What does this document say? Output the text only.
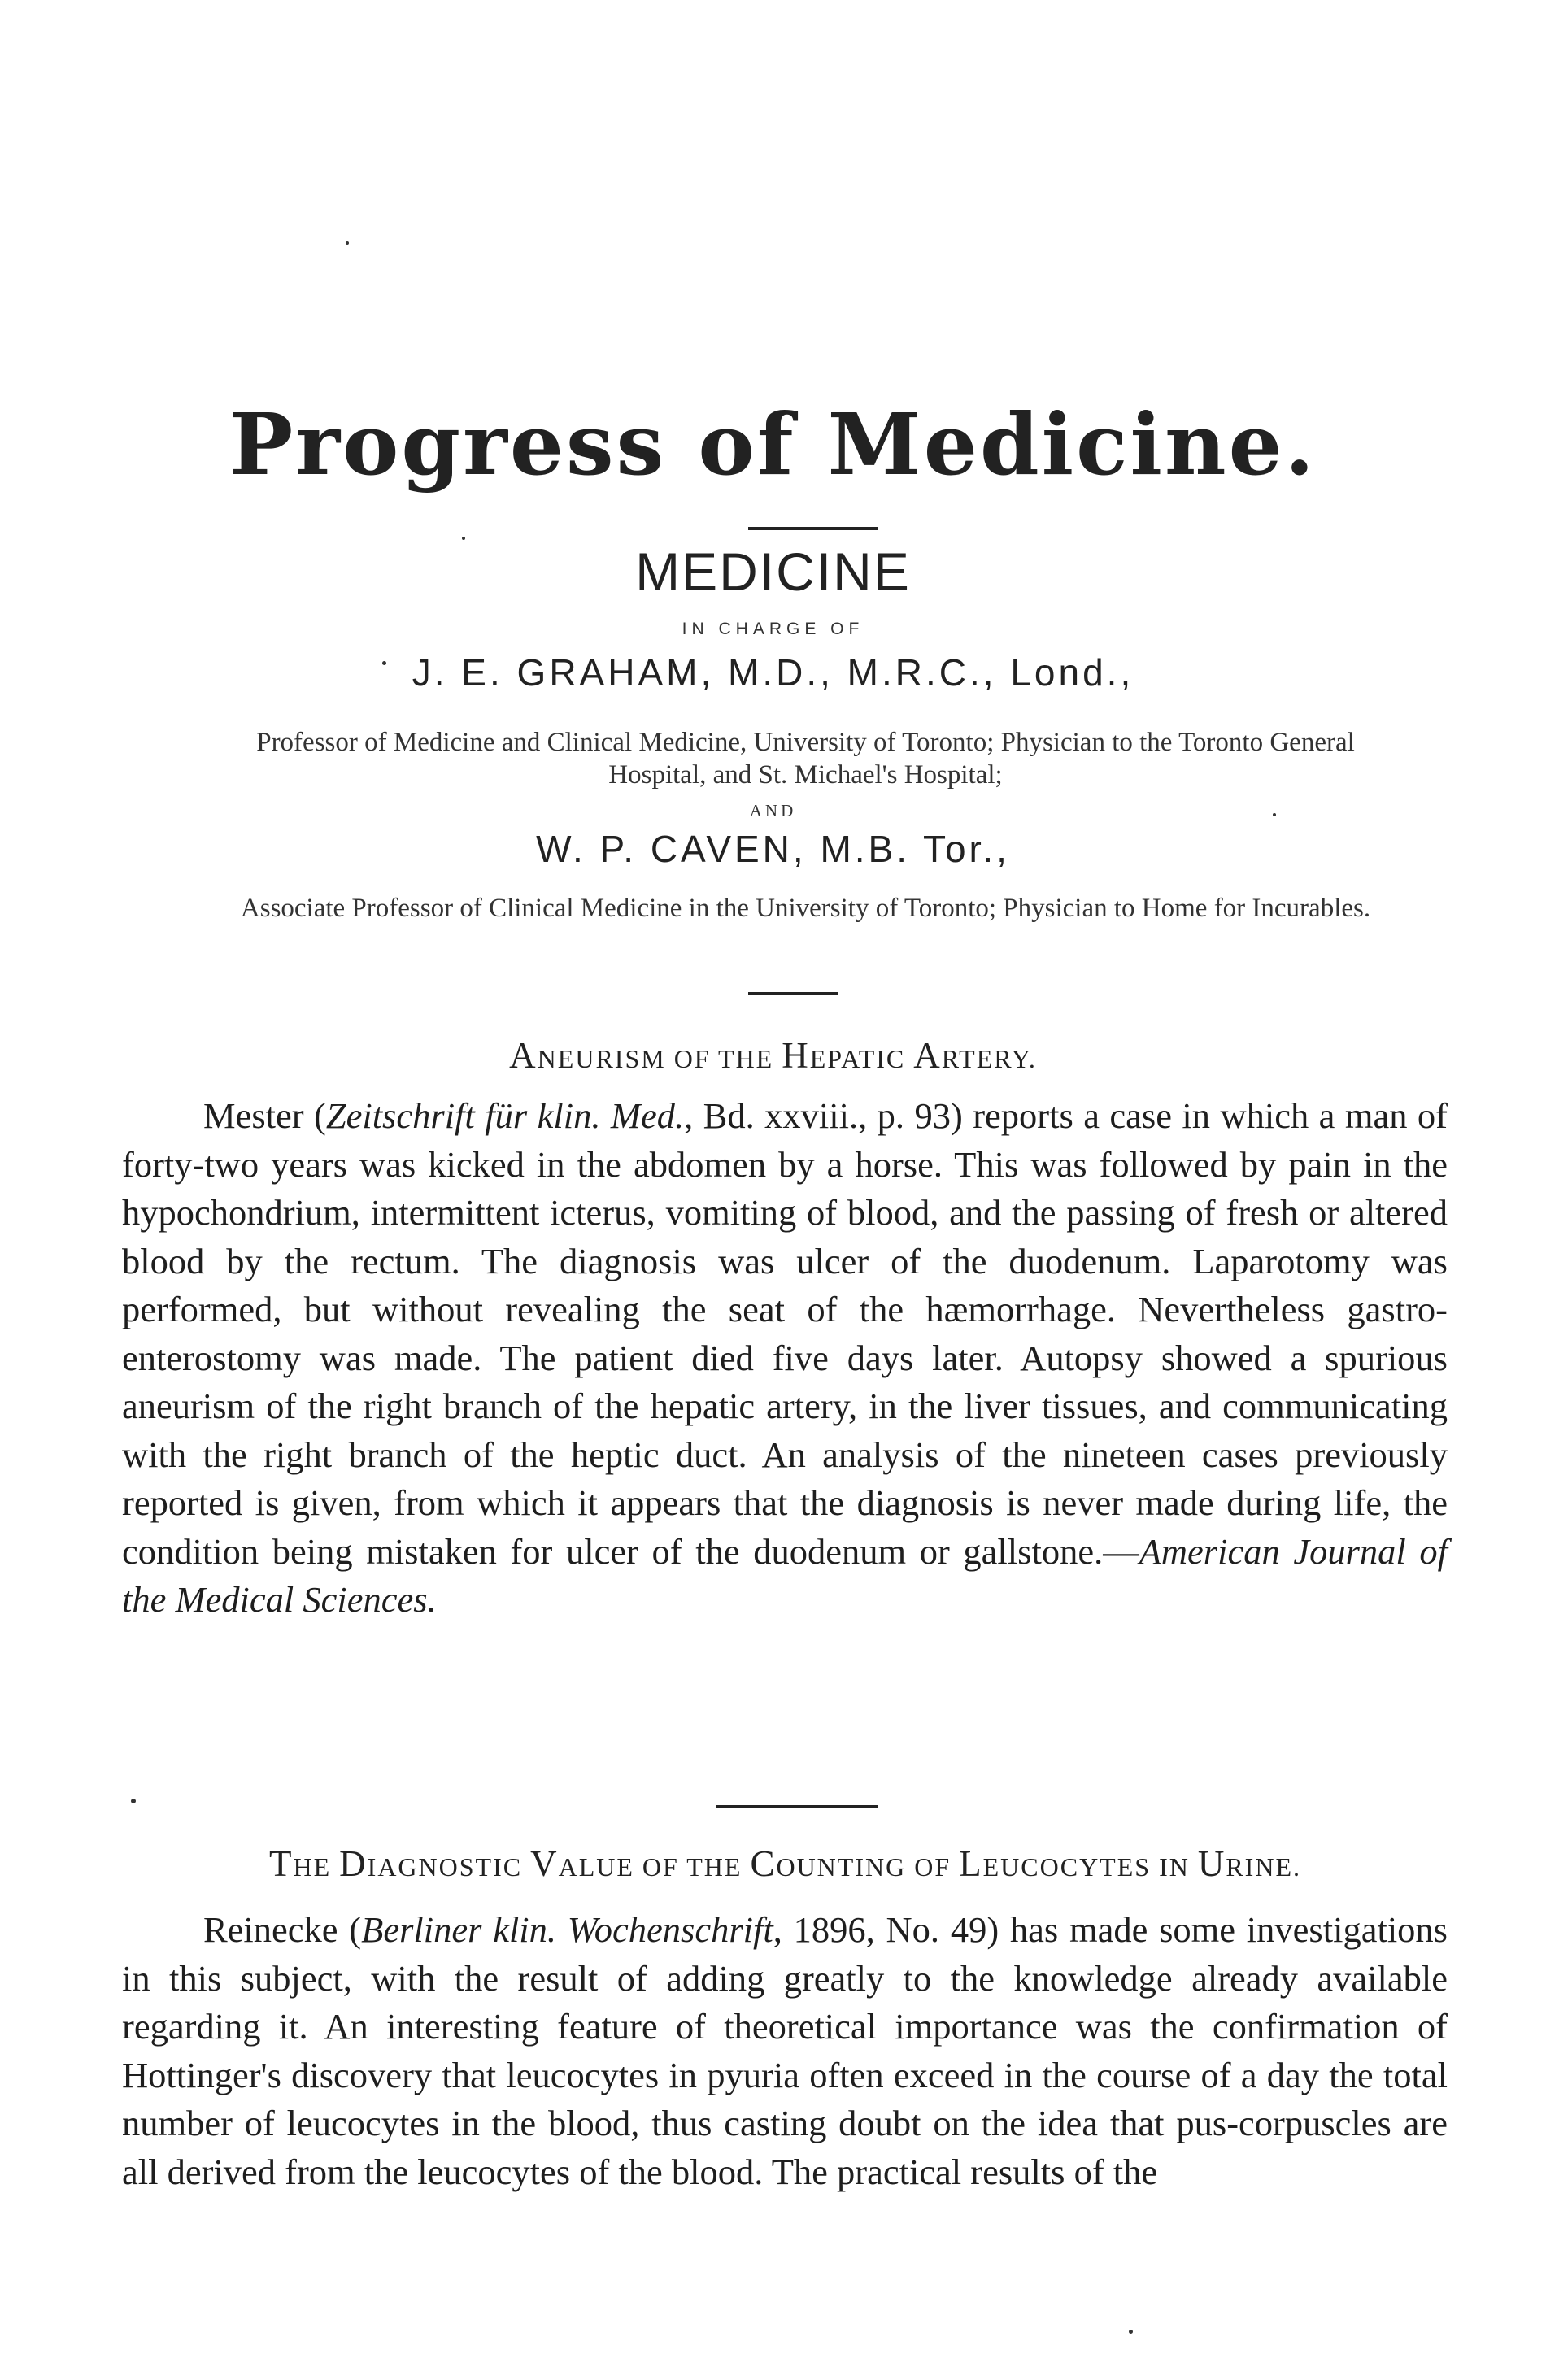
Progress of Medicine.
MEDICINE
IN CHARGE OF
J. E. GRAHAM, M.D., M.R.C., Lond.,
Professor of Medicine and Clinical Medicine, University of Toronto; Physician to the Toronto General Hospital, and St. Michael's Hospital;
AND
W. P. CAVEN, M.B. Tor.,
Associate Professor of Clinical Medicine in the University of Toronto; Physician to Home for Incurables.
ANEURISM OF THE HEPATIC ARTERY.
Mester (Zeitschrift für klin. Med., Bd. xxviii., p. 93) reports a case in which a man of forty-two years was kicked in the abdomen by a horse. This was followed by pain in the hypochondrium, intermittent icterus, vomiting of blood, and the passing of fresh or altered blood by the rectum. The diagnosis was ulcer of the duodenum. Laparotomy was performed, but without revealing the seat of the hæmorrhage. Nevertheless gastro-enterostomy was made. The patient died five days later. Autopsy showed a spurious aneurism of the right branch of the hepatic artery, in the liver tissues, and communicating with the right branch of the heptic duct. An analysis of the nineteen cases previously reported is given, from which it appears that the diagnosis is never made during life, the condition being mistaken for ulcer of the duodenum or gallstone.—American Journal of the Medical Sciences.
THE DIAGNOSTIC VALUE OF THE COUNTING OF LEUCOCYTES IN URINE.
Reinecke (Berliner klin. Wochenschrift, 1896, No. 49) has made some investigations in this subject, with the result of adding greatly to the knowledge already available regarding it. An interesting feature of theoretical importance was the confirmation of Hottinger's discovery that leucocytes in pyuria often exceed in the course of a day the total number of leucocytes in the blood, thus casting doubt on the idea that pus-corpuscles are all derived from the leucocytes of the blood. The practical results of the
